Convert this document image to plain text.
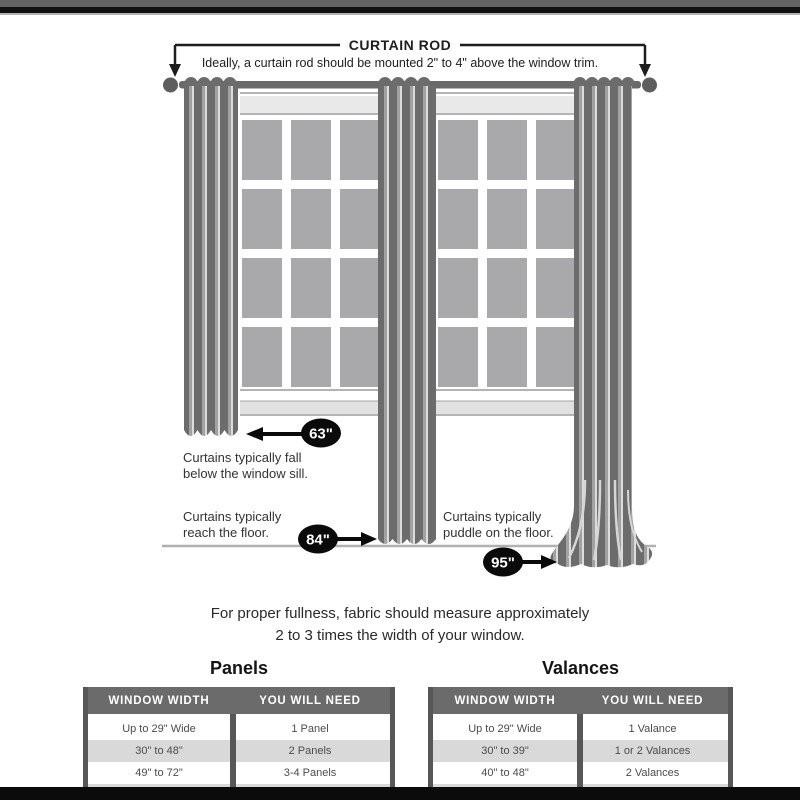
CURTAIN ROD
Ideally, a curtain rod should be mounted 2" to 4" above the window trim.
63"
Curtains typically fall
below the window sill.
Curtains typically
reach the floor. 84"
Curtains typically
puddle on the floor.
95"
For proper fullness, fabric should measure approximately
2 to 3 times the width of your window.
Panels
WINDOW WIDTH	YOU WILL NEED
Up to 29" Wide	1 Panel
30" to 48"	2 Panels
49" to 72"	3-4 Panels
Valances
WINDOW WIDTH	YOU WILL NEED
Up to 29" Wide	1 Valance
30" to 39"	1 or 2 Valances
40" to 48"	2 Valances
